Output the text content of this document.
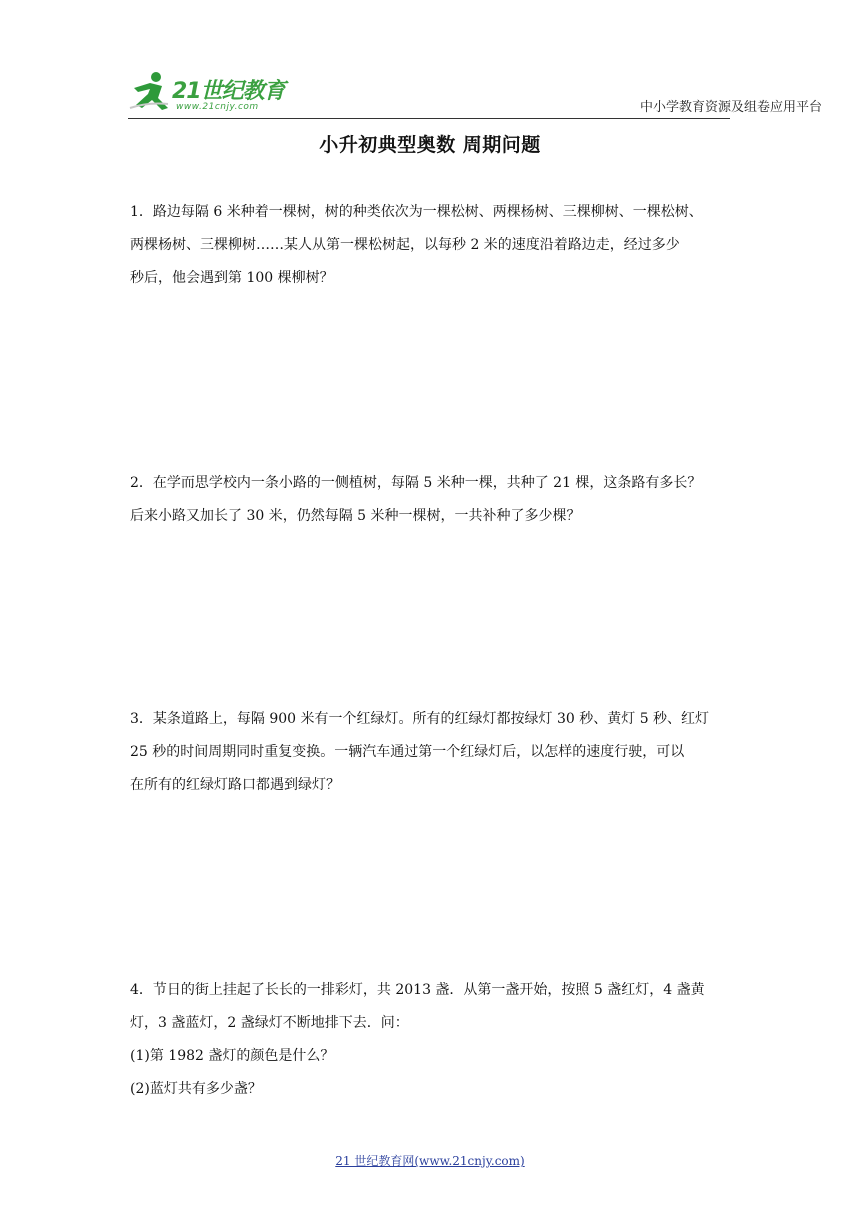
21世纪教育
www.21cnjy.com	中小学教育资源及组卷应用平台
小升初典型奥数 周期问题

1．路边每隔 6 米种着一棵树，树的种类依次为一棵松树、两棵杨树、三棵柳树、一棵松树、

两棵杨树、三棵柳树……某人从第一棵松树起，以每秒 2 米的速度沿着路边走，经过多少

秒后，他会遇到第 100 棵柳树？

2．在学而思学校内一条小路的一侧植树，每隔 5 米种一棵，共种了 21 棵，这条路有多长？

后来小路又加长了 30 米，仍然每隔 5 米种一棵树，一共补种了多少棵？

3．某条道路上，每隔 900 米有一个红绿灯。所有的红绿灯都按绿灯 30 秒、黄灯 5 秒、红灯

25 秒的时间周期同时重复变换。一辆汽车通过第一个红绿灯后，以怎样的速度行驶，可以

在所有的红绿灯路口都遇到绿灯？

4．节日的街上挂起了长长的一排彩灯，共 2013 盏．从第一盏开始，按照 5 盏红灯，4 盏黄

灯，3 盏蓝灯，2 盏绿灯不断地排下去．问：

(1)第 1982 盏灯的颜色是什么？

(2)蓝灯共有多少盏？

21 世纪教育网(www.21cnjy.com)
